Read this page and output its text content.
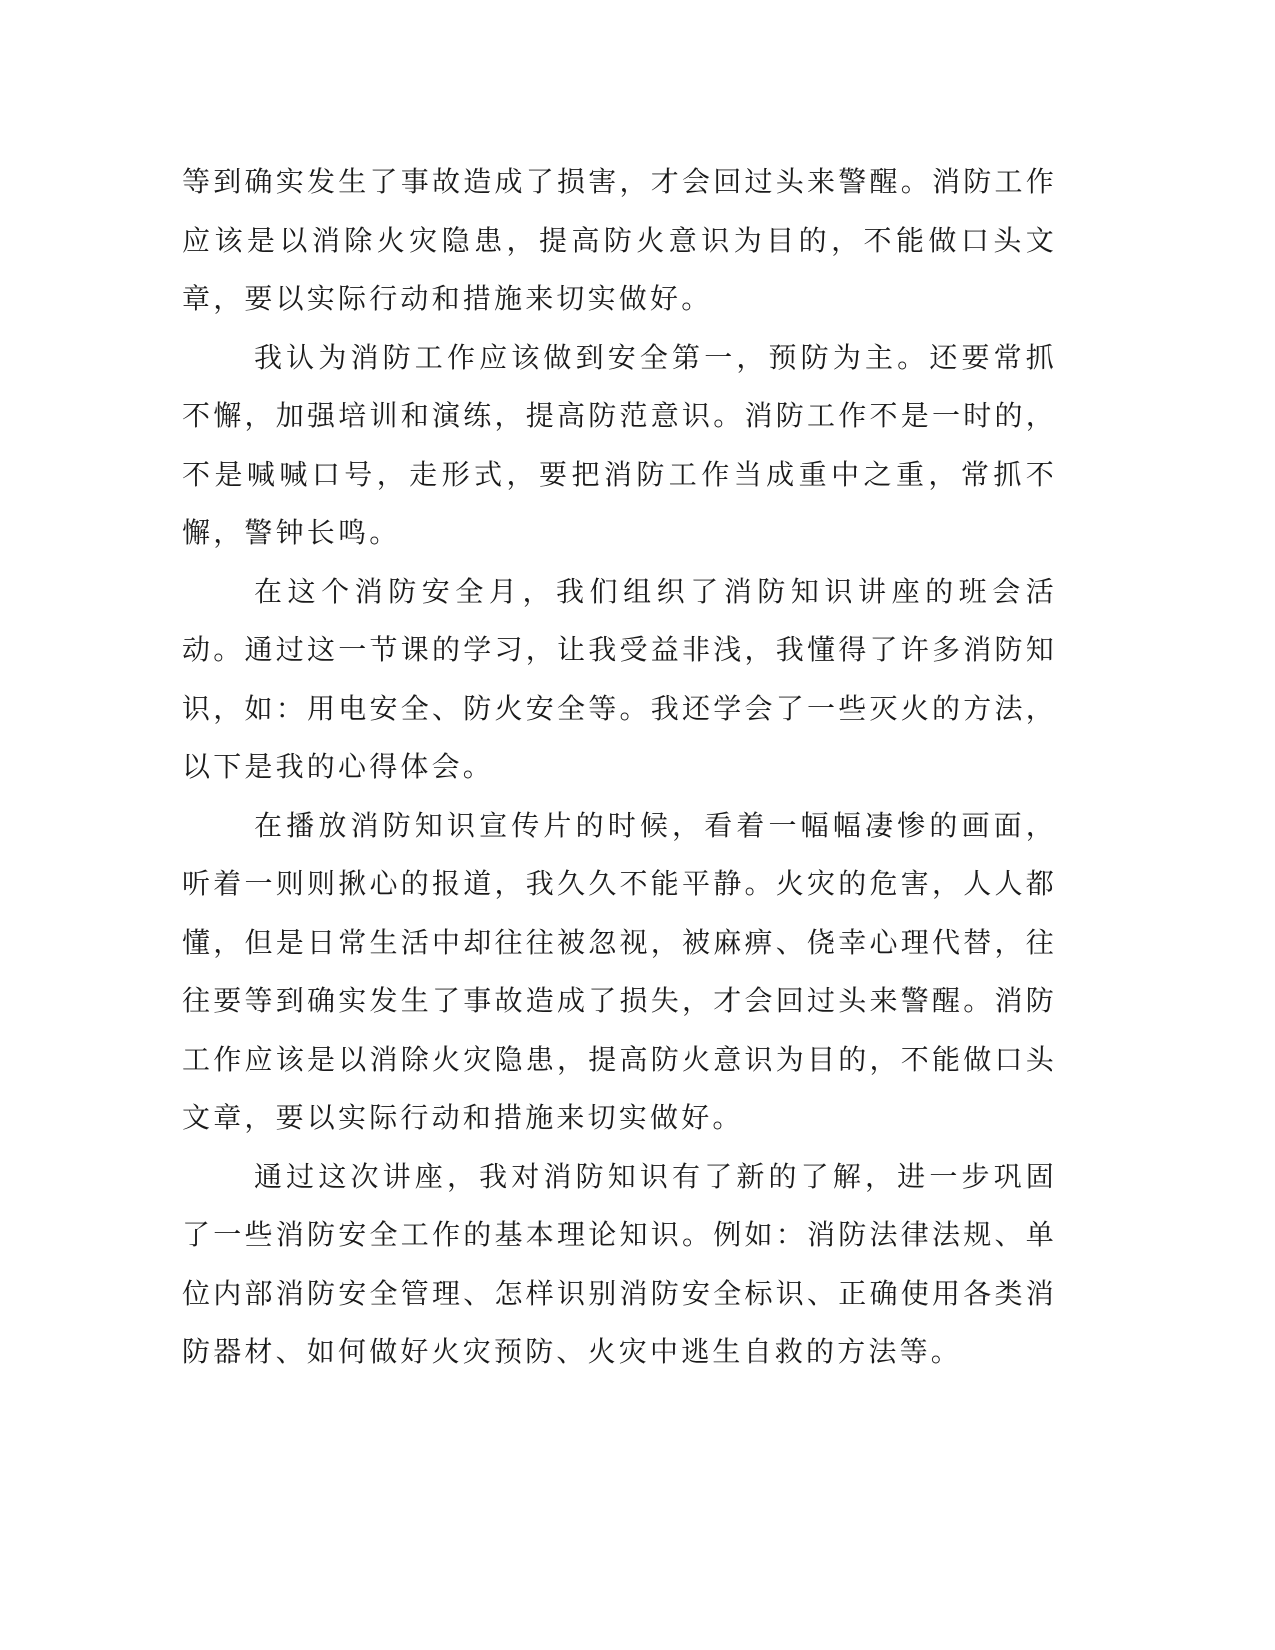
等到确实发生了事故造成了损害，才会回过头来警醒。消防工作应该是以消除火灾隐患，提高防火意识为目的，不能做口头文章，要以实际行动和措施来切实做好。

我认为消防工作应该做到安全第一，预防为主。还要常抓不懈，加强培训和演练，提高防范意识。消防工作不是一时的，不是喊喊口号，走形式，要把消防工作当成重中之重，常抓不懈，警钟长鸣。

在这个消防安全月，我们组织了消防知识讲座的班会活动。通过这一节课的学习，让我受益非浅，我懂得了许多消防知识，如：用电安全、防火安全等。我还学会了一些灭火的方法，以下是我的心得体会。

在播放消防知识宣传片的时候，看着一幅幅凄惨的画面，听着一则则揪心的报道，我久久不能平静。火灾的危害，人人都懂，但是日常生活中却往往被忽视，被麻痹、侥幸心理代替，往往要等到确实发生了事故造成了损失，才会回过头来警醒。消防工作应该是以消除火灾隐患，提高防火意识为目的，不能做口头文章，要以实际行动和措施来切实做好。

通过这次讲座，我对消防知识有了新的了解，进一步巩固了一些消防安全工作的基本理论知识。例如：消防法律法规、单位内部消防安全管理、怎样识别消防安全标识、正确使用各类消防器材、如何做好火灾预防、火灾中逃生自救的方法等。
